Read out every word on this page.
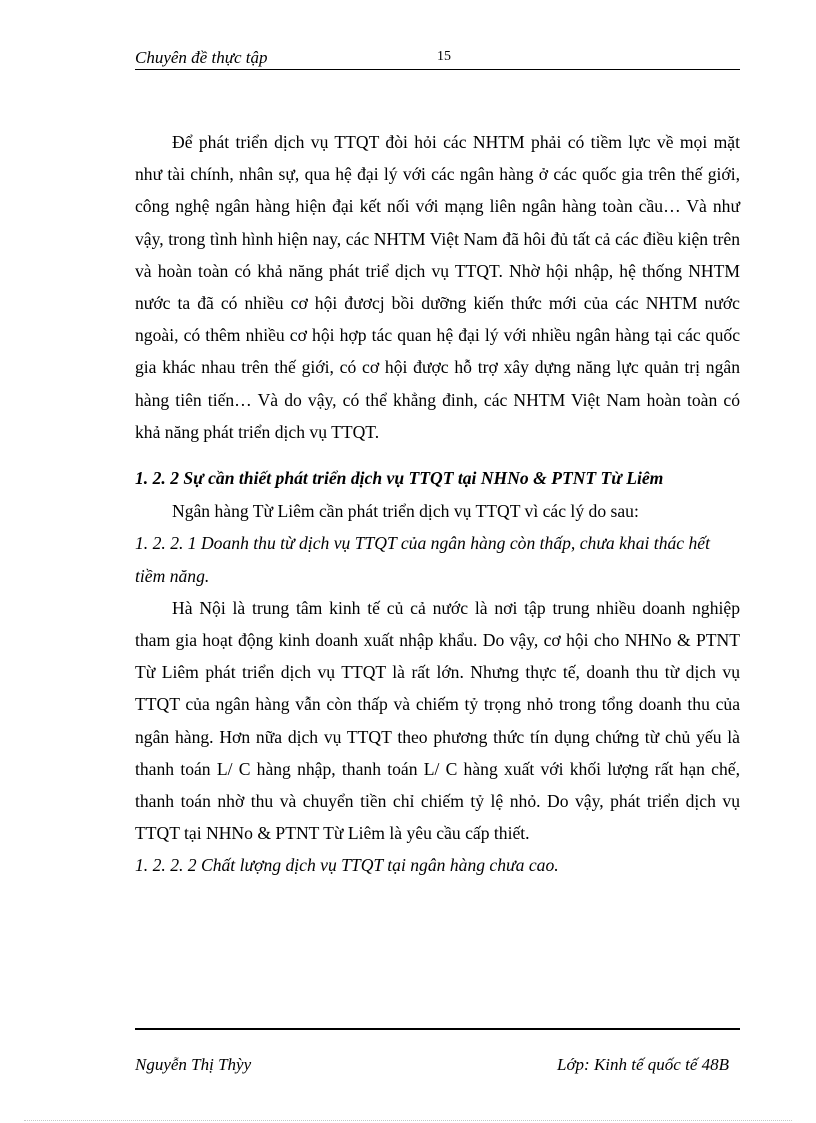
Chuyên đề thực tập	15

Để phát triển dịch vụ TTQT đòi hỏi các NHTM phải có tiềm lực về mọi mặt như tài chính, nhân sự, qua hệ đại lý với các ngân hàng ở các quốc gia trên thế giới, công nghệ ngân hàng hiện đại kết nối với mạng liên ngân hàng toàn cầu… Và như vậy, trong tình hình hiện nay, các NHTM Việt Nam đã hôi đủ tất cả các điều kiện trên và hoàn toàn có khả năng phát triể dịch vụ TTQT. Nhờ hội nhập, hệ thống NHTM nước ta đã có nhiều cơ hội đươcj bồi dưỡng kiến thức mới của các NHTM nước ngoài, có thêm nhiều cơ hội hợp tác quan hệ đại lý với nhiều ngân hàng tại các quốc gia khác nhau trên thế giới, có cơ hội được hỗ trợ xây dựng năng lực quản trị ngân hàng tiên tiến… Và do vậy, có thể khẳng đinh, các NHTM Việt Nam hoàn toàn có khả năng phát triển dịch vụ TTQT.

1. 2. 2 Sự cần thiết phát triển dịch vụ TTQT tại NHNo & PTNT Từ Liêm

Ngân hàng Từ Liêm cần phát triển dịch vụ TTQT vì các lý do sau:

1. 2. 2. 1 Doanh thu từ dịch vụ TTQT của ngân hàng còn thấp, chưa khai thác hết tiềm năng.

Hà Nội là trung tâm kinh tế củ cả nước là nơi tập trung nhiều doanh nghiệp tham gia hoạt động kinh doanh xuất nhập khẩu. Do vậy, cơ hội cho NHNo & PTNT Từ Liêm phát triển dịch vụ TTQT là rất lớn. Nhưng thực tế, doanh thu từ dịch vụ TTQT của ngân hàng vẫn còn thấp và chiếm tỷ trọng nhỏ trong tổng doanh thu của ngân hàng. Hơn nữa dịch vụ TTQT theo phương thức tín dụng chứng từ chủ yếu là thanh toán L/ C hàng nhập, thanh toán L/ C hàng xuất với khối lượng rất hạn chế, thanh toán nhờ thu và chuyển tiền chỉ chiếm tỷ lệ nhỏ. Do vậy, phát triển dịch vụ TTQT tại NHNo & PTNT Từ Liêm là yêu cầu cấp thiết.

1. 2. 2. 2 Chất lượng dịch vụ TTQT tại ngân hàng chưa cao.

Nguyễn Thị Thỳy	Lớp: Kinh tế quốc tế 48B
